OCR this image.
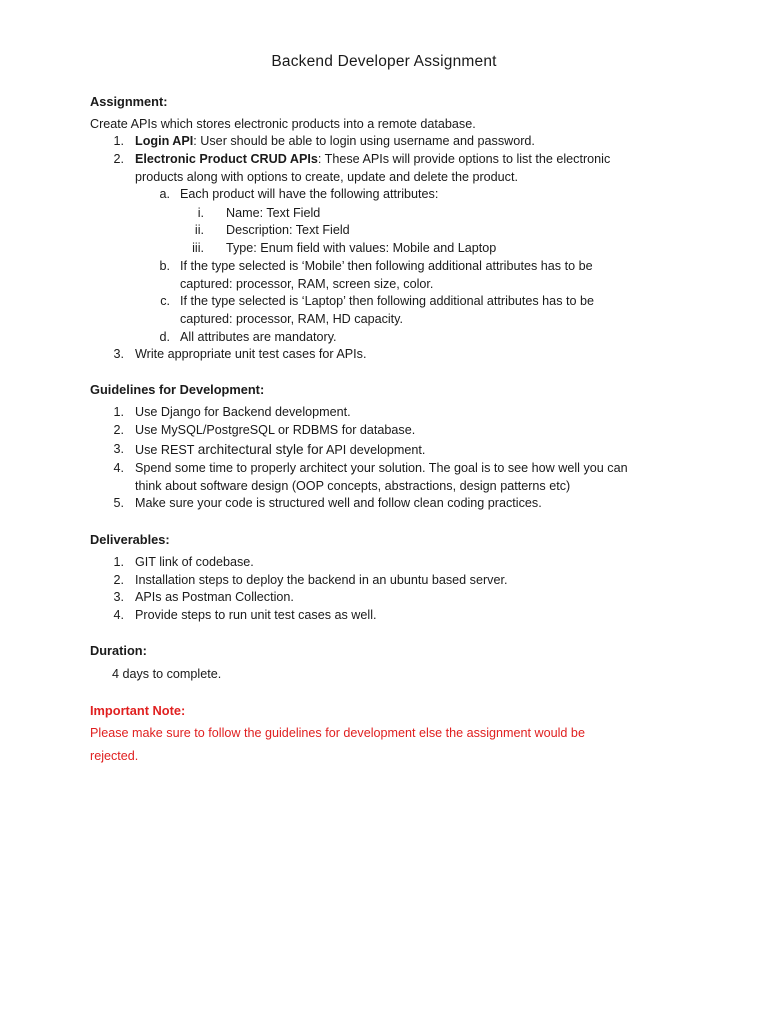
Backend Developer Assignment
Assignment:
Create APIs which stores electronic products into a remote database.
1. Login API: User should be able to login using username and password.
2. Electronic Product CRUD APIs: These APIs will provide options to list the electronic
products along with options to create, update and delete the product.
a. Each product will have the following attributes:
i. Name: Text Field
ii. Description: Text Field
iii. Type: Enum field with values: Mobile and Laptop
b. If the type selected is ‘Mobile’ then following additional attributes has to be
captured: processor, RAM, screen size, color.
c. If the type selected is ‘Laptop’ then following additional attributes has to be
captured: processor, RAM, HD capacity.
d. All attributes are mandatory.
3. Write appropriate unit test cases for APIs.
Guidelines for Development:
1. Use Django for Backend development.
2. Use MySQL/PostgreSQL or RDBMS for database.
3. Use REST architectural style for API development.
4. Spend some time to properly architect your solution. The goal is to see how well you can
think about software design (OOP concepts, abstractions, design patterns etc)
5. Make sure your code is structured well and follow clean coding practices.
Deliverables:
1. GIT link of codebase.
2. Installation steps to deploy the backend in an ubuntu based server.
3. APIs as Postman Collection.
4. Provide steps to run unit test cases as well.
Duration:
4 days to complete.
Important Note:
Please make sure to follow the guidelines for development else the assignment would be
rejected.
